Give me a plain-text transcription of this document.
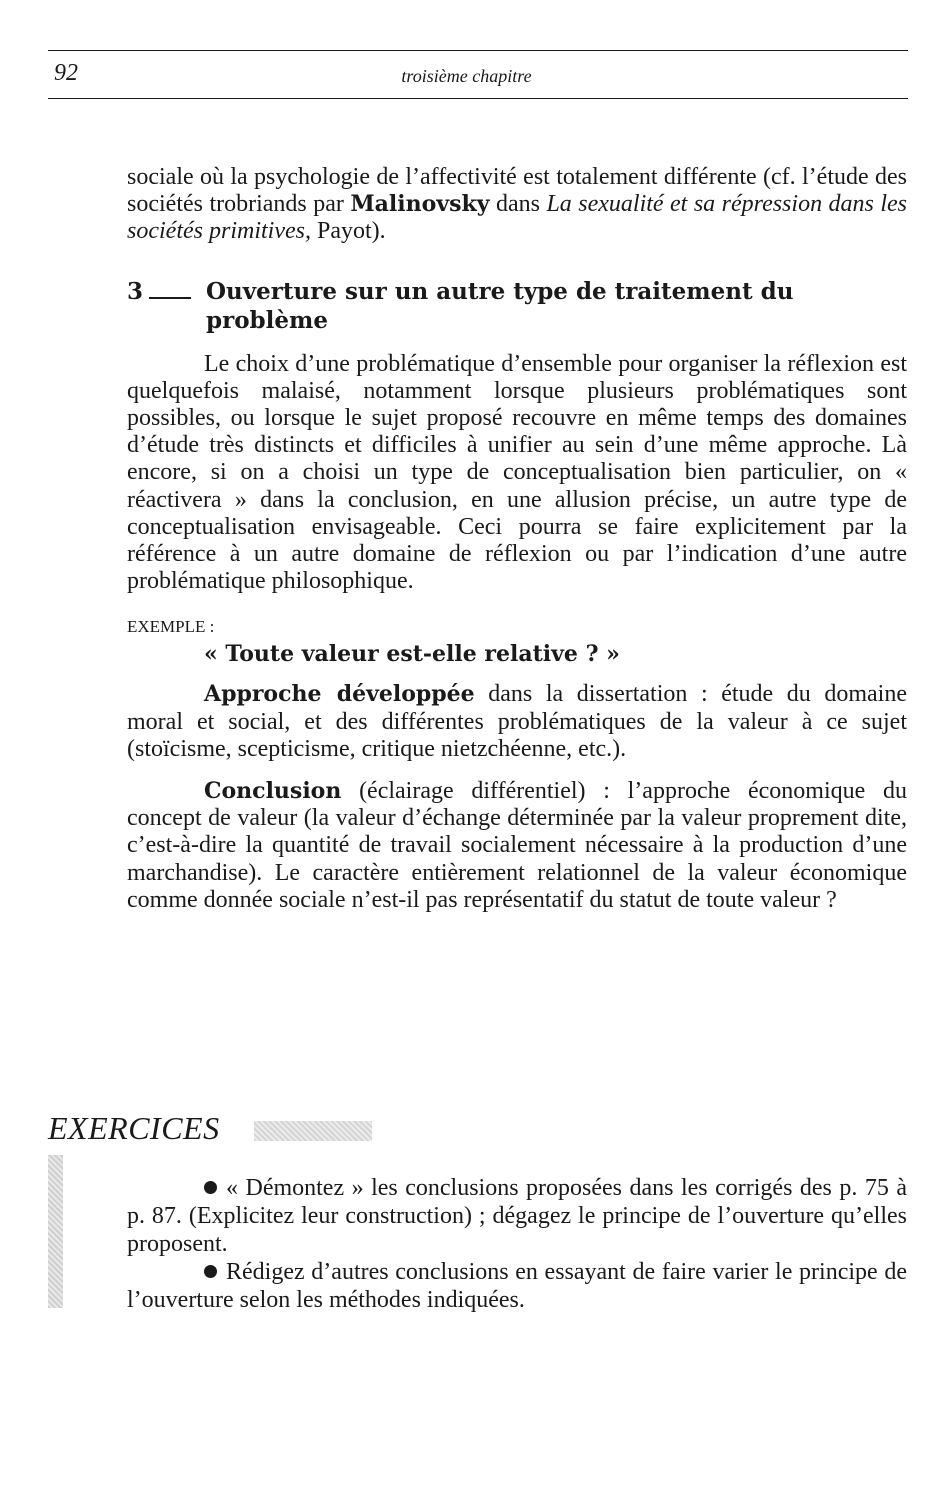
92	troisième chapitre

sociale où la psychologie de l’affectivité est totalement différente (cf. l’étude des sociétés trobriands par Malinovsky dans La sexualité et sa répression dans les sociétés primitives, Payot).

3	Ouverture sur un autre type de traitement du problème

Le choix d’une problématique d’ensemble pour organiser la réflexion est quelquefois malaisé, notamment lorsque plusieurs problématiques sont possibles, ou lorsque le sujet proposé recouvre en même temps des domaines d’étude très distincts et difficiles à unifier au sein d’une même approche. Là encore, si on a choisi un type de conceptualisation bien particulier, on « réactivera » dans la conclusion, en une allusion précise, un autre type de conceptualisation envisageable. Ceci pourra se faire explicitement par la référence à un autre domaine de réflexion ou par l’indication d’une autre problématique philosophique.

EXEMPLE :

« Toute valeur est-elle relative ? »

Approche développée dans la dissertation : étude du domaine moral et social, et des différentes problématiques de la valeur à ce sujet (stoïcisme, scepticisme, critique nietzchéenne, etc.).

Conclusion (éclairage différentiel) : l’approche économique du concept de valeur (la valeur d’échange déterminée par la valeur proprement dite, c’est-à-dire la quantité de travail socialement nécessaire à la production d’une marchandise). Le caractère entièrement relationnel de la valeur économique comme donnée sociale n’est-il pas représentatif du statut de toute valeur ?

EXERCICES

« Démontez » les conclusions proposées dans les corrigés des p. 75 à p. 87. (Explicitez leur construction) ; dégagez le principe de l’ouverture qu’elles proposent.

Rédigez d’autres conclusions en essayant de faire varier le principe de l’ouverture selon les méthodes indiquées.
